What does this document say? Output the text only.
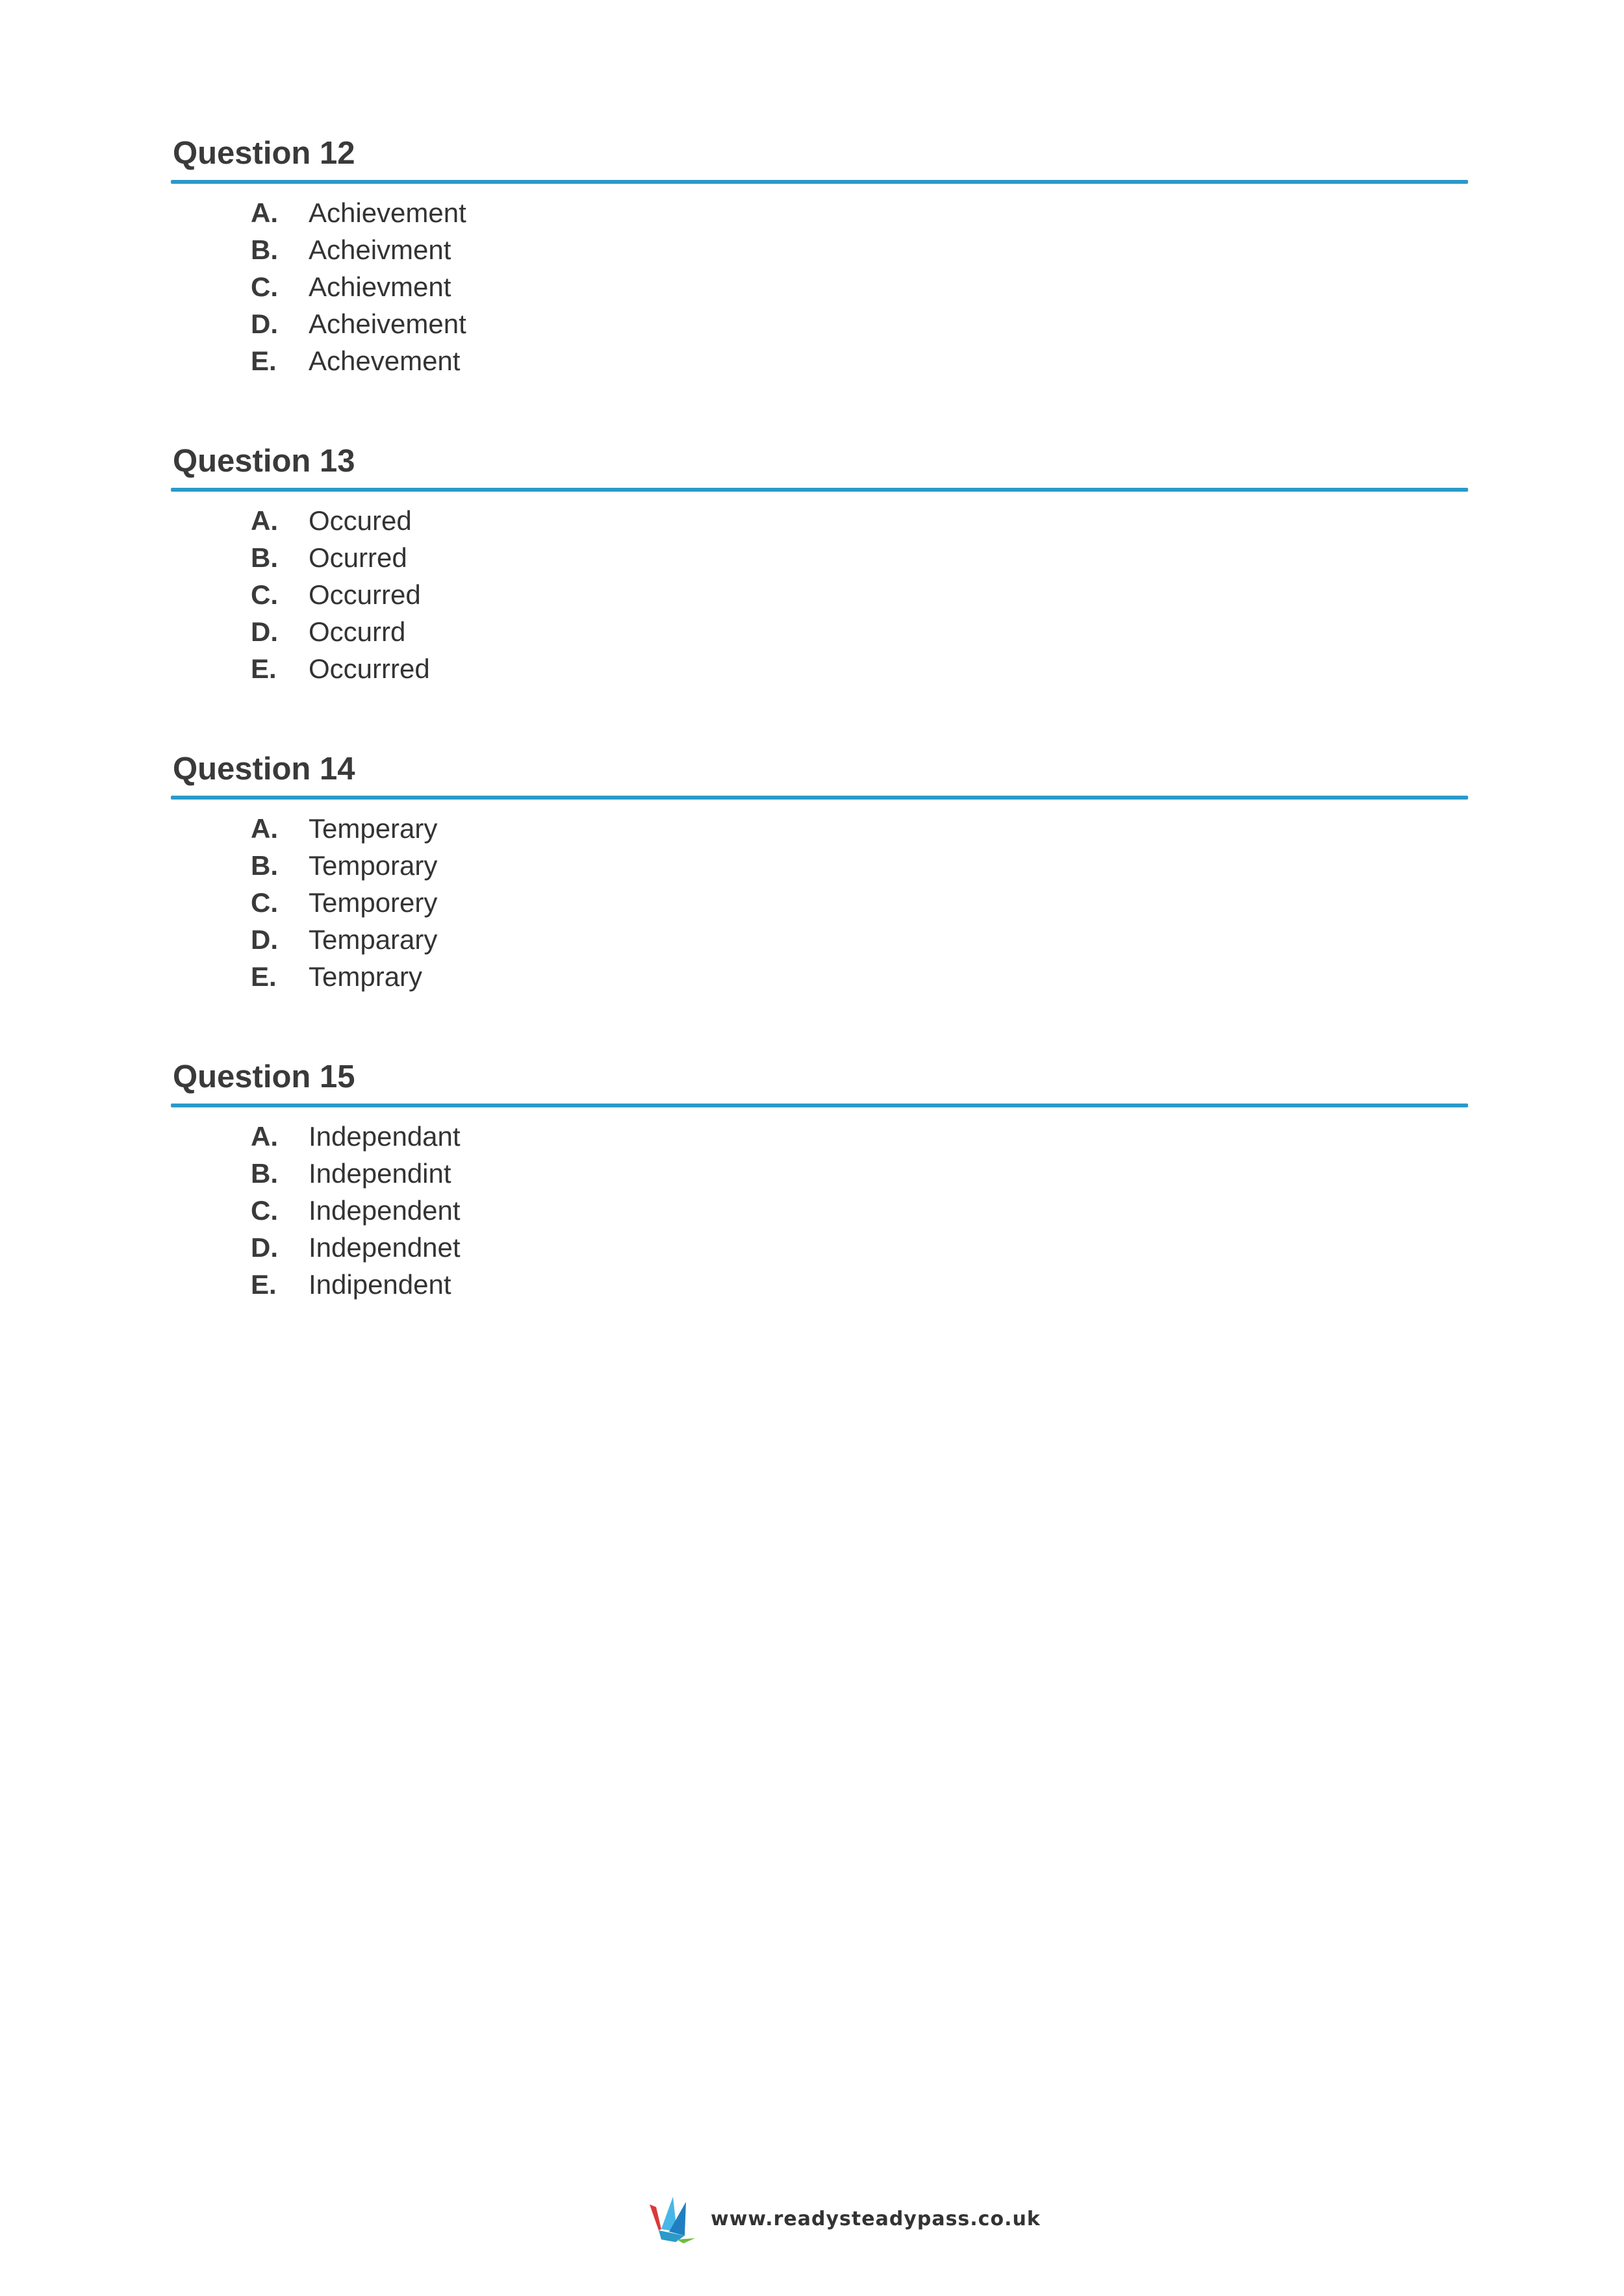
Question 12
A.	Achievement
B.	Acheivment
C.	Achievment
D.	Acheivement
E.	Achevement
Question 13
A.	Occured
B.	Ocurred
C.	Occurred
D.	Occurrd
E.	Occurrred
Question 14
A.	Temperary
B.	Temporary
C.	Temporery
D.	Temparary
E.	Temprary
Question 15
A.	Independant
B.	Independint
C.	Independent
D.	Independnet
E.	Indipendent
www.readysteadypass.co.uk
